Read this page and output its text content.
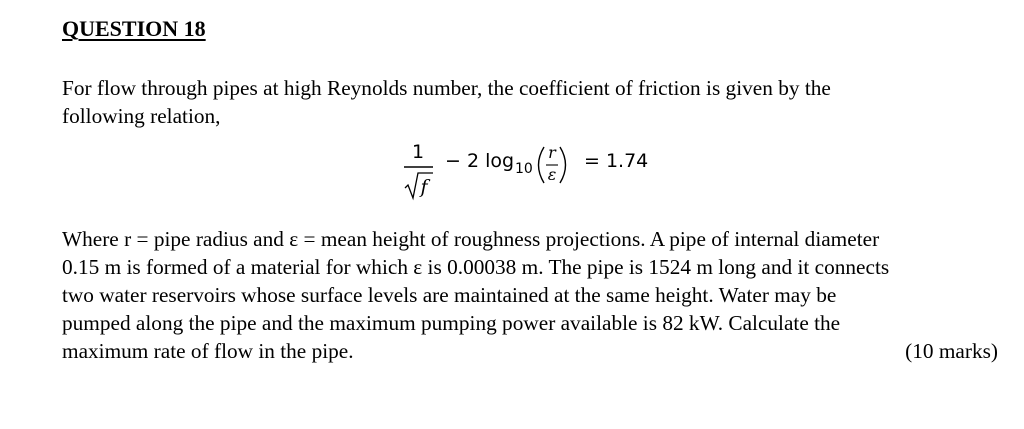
QUESTION 18
For flow through pipes at high Reynolds number, the coefficient of friction is given by the
following relation,
1
f
− 2 log 10
r
ε
= 1.74
Where r = pipe radius and ε = mean height of roughness projections. A pipe of internal diameter
0.15 m is formed of a material for which ε is 0.00038 m. The pipe is 1524 m long and it connects
two water reservoirs whose surface levels are maintained at the same height. Water may be
pumped along the pipe and the maximum pumping power available is 82 kW. Calculate the
maximum rate of flow in the pipe.	(10 marks)
